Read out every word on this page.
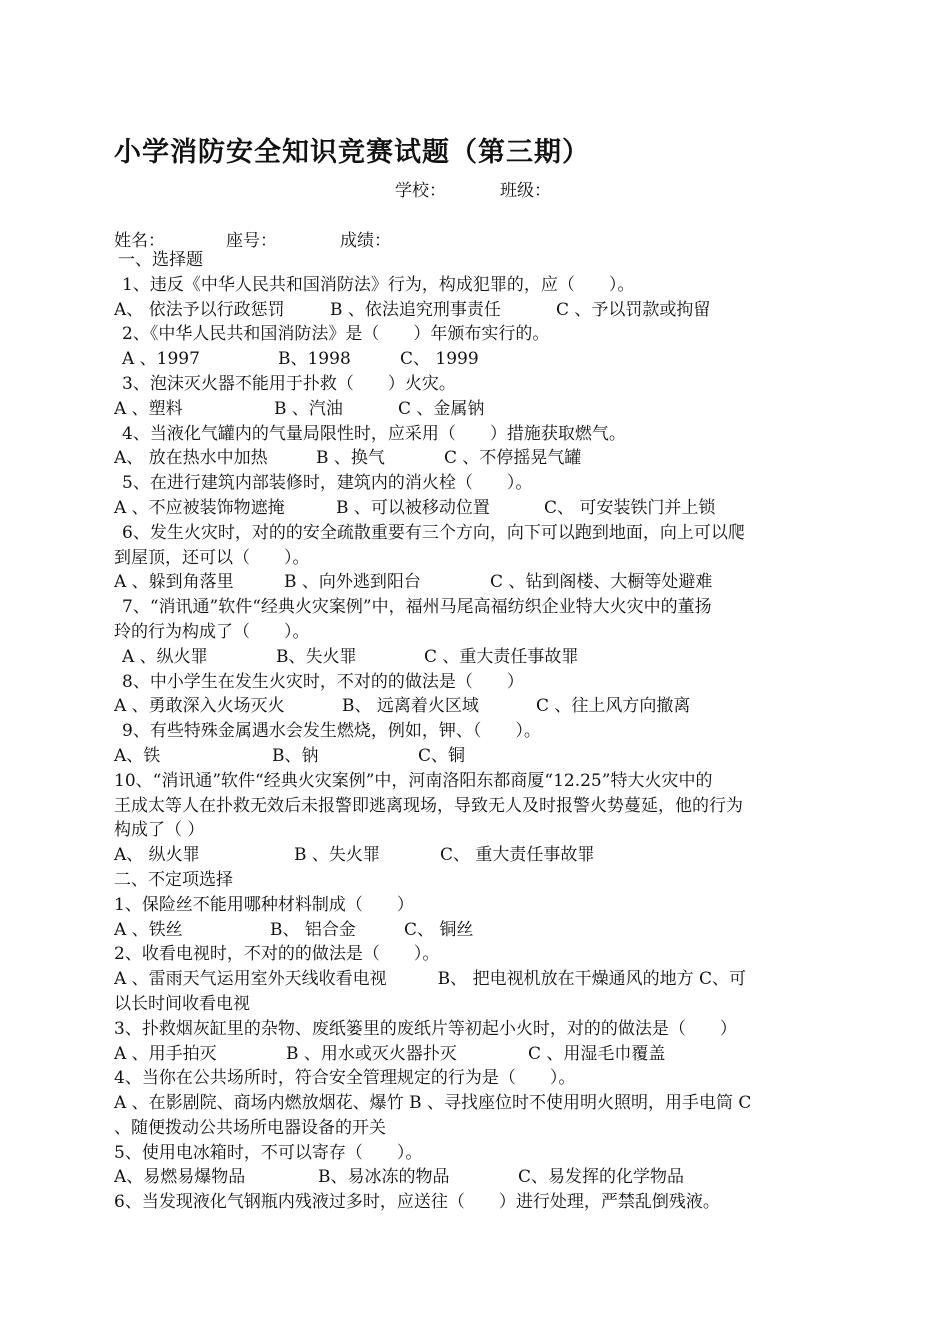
小学消防安全知识竞赛试题（第三期）
学校：	班级：
姓名：	座号：	成绩：
一、选择题
1、违反《中华人民共和国消防法》行为，构成犯罪的，应（　　）。
A、 依法予以行政惩罚	B 、依法追究刑事责任	C 、予以罚款或拘留
2、《中华人民共和国消防法》是（　　）年颁布实行的。
A 、1997	B、1998	C、 1999
3、泡沫灭火器不能用于扑救（　　）火灾。
A 、塑料	B 、汽油	C 、金属钠
4、当液化气罐内的气量局限性时，应采用（　　）措施获取燃气。
A、 放在热水中加热	B 、换气	C 、不停摇晃气罐
5、在进行建筑内部装修时，建筑内的消火栓（　　）。
A 、不应被装饰物遮掩	B 、可以被移动位置	C、 可安装铁门并上锁
6、发生火灾时，对的的安全疏散重要有三个方向，向下可以跑到地面，向上可以爬
到屋顶，还可以（　　）。
A 、躲到角落里	B 、向外逃到阳台	C 、钻到阁楼、大橱等处避难
7、“消讯通”软件“经典火灾案例”中，福州马尾高福纺织企业特大火灾中的董扬
玲的行为构成了（　　）。
A 、纵火罪	B、失火罪	C 、重大责任事故罪
8、中小学生在发生火灾时，不对的的做法是（　　）
A 、勇敢深入火场灭火	B、 远离着火区域	C 、往上风方向撤离
9、有些特殊金属遇水会发生燃烧，例如，钾、（　　）。
A、铁	B、钠	C、铜
10、“消讯通”软件“经典火灾案例”中，河南洛阳东都商厦“12.25”特大火灾中的
王成太等人在扑救无效后未报警即逃离现场，导致无人及时报警火势蔓延，他的行为
构成了（ ）
A、 纵火罪	B 、失火罪	C、 重大责任事故罪
二、不定项选择
1、保险丝不能用哪种材料制成（　　）
A 、铁丝	B、 铝合金	C、 铜丝
2、收看电视时，不对的的做法是（　　）。
A 、雷雨天气运用室外天线收看电视　　　B、 把电视机放在干燥通风的地方 C、可
以长时间收看电视
3、扑救烟灰缸里的杂物、废纸篓里的废纸片等初起小火时，对的的做法是（　　）
A 、用手拍灭	B 、用水或灭火器扑灭	C 、用湿毛巾覆盖
4、当你在公共场所时，符合安全管理规定的行为是（　　）。
A 、在影剧院、商场内燃放烟花、爆竹 B 、寻找座位时不使用明火照明，用手电筒 C
、随便拨动公共场所电器设备的开关
5、使用电冰箱时，不可以寄存（　　）。
A、易燃易爆物品	B、易冰冻的物品	C、易发挥的化学物品
6、当发现液化气钢瓶内残液过多时，应送往（　　）进行处理，严禁乱倒残液。
